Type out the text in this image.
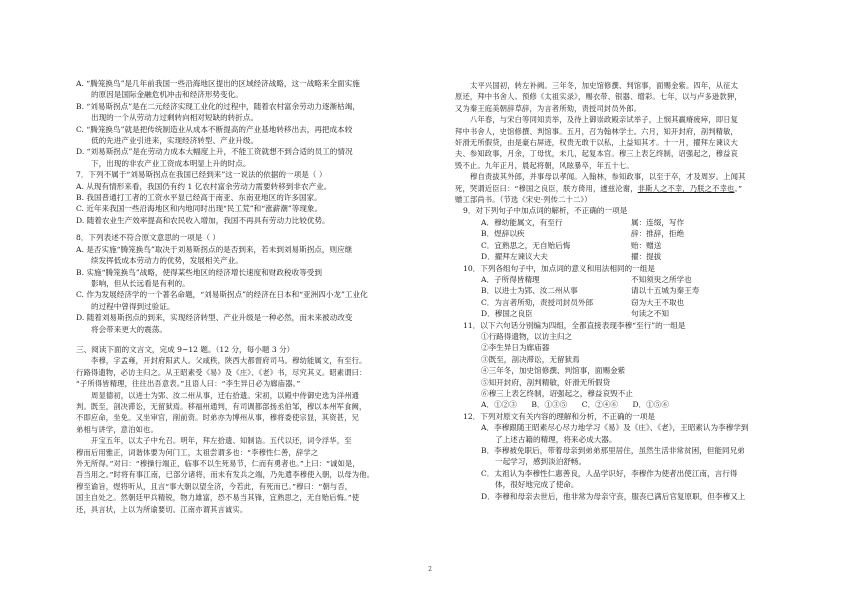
A. “腾笼换鸟”是几年前我国一些沿海地区提出的区域经济战略，这一战略来全面实施
的原因是国际金融危机冲击和经济形势变化。
B. “刘易斯拐点”是在二元经济实现工业化的过程中，随着农村富余劳动力逐渐枯竭，
出现的一个从劳动力过剩转向相对短缺的转折点。
C. “腾笼换鸟”就是把传统制造业从成本不断提高的产业基地转移出去，再把成本较
低的先进产业引进来，实现经济转型、产业升级。
D. “刘易斯拐点”是在劳动力成本大幅度上升，不能工资就想不到合适的员工的情况
下，出现的非农产业工资成本明显上升的时点。
7．下列不属于“刘易斯拐点在我国已经到来”这一说法的依据的一项是（ ）
A. 从现有情形来看，我国仍有约 1 亿农村富余劳动力需要转移到非农产业。
B. 我国普通打工者的工资水平显已经高于南亚、东南亚地区的许多国家。
C. 近年来我国一些沿海地区和内地同时出现“民工荒”和“涨薪潮”等现象。
D. 随着农业生产效率提高和农民收入增加，我国不再具有劳动力比较优势。
8．下列表述不符合原文意思的一项是（ ）
A. 是否实施“腾笼换鸟”取决于刘易斯拐点的是否到来，若未到刘易斯拐点，则应继
续发挥低成本劳动力的优势，发展相关产业。
B. 实施“腾笼换鸟”战略，使得某些地区的经济增长速度和财政税收等受到
影响，但从长远看是有利的。
C. 作为发展经济学的一个著名命题，“刘易斯拐点”的经济在日本和“亚洲四小龙”工业化
的过程中曾得到过验证。
D. 随着刘易斯拐点的到来，实现经济转型、产业升级是一种必然，而未来被动改变
将会带来更大的震荡。
三、阅读下面的文言文，完成 9~12 题。（12 分，每小题 3 分）
李穆，字孟雍，开封府阳武人。父咸秩，陕西大都督府司马。穆幼能属文，有至行。
行路得遗物，必访主归之。从王昭素受《易》及《庄》、《老》书，尽究其义。昭素谓曰：
“子所得皆精理，往往出吾意表。”且语人曰：“李生异日必为廊庙器。”
周显德初，以进士为郢、汝二州从事，迁右拾遗。宋初，以殿中侍御史选为洋州通
判。既至，剖决滞讼，无留狱焉。移福州通判，有司调都部扬丞伯邹，穆以本州军食阙，
不即应命，坐免。又坐审官，削前资。时弟亦为博州从事，穆将委使宗显，其资甚，兄
弟相与讲学，意泊如也。
开宝五年，以太子中允召。明年，拜左拾遗、知制诰。五代以还，词令浮华，至
穆而后用雅正，词谐体要为何门工，太祖尝谓多也：“李穆性仁善，辞学之
外无所得。”对曰：“穆操行端正，临事不以生死易节，仁而有勇者也。”上曰：“诚如是，
吾当用之。”时将有事江南，已部分诸将，而未有发兵之端，乃先遣李穆使入朝，以母为他。
穆至谕旨，煜将听从，且言“事大朝以望全济，今若此，有死而已。”穆曰：“朝与否，
国主自处之。然朝廷甲兵精锐，物力雄富，恐不易当其锋，宜熟思之，无自贻后悔。”使
还，具言状，上以为所谕要切。江南亦谓其言诚实。
太平兴国初，转左补阙。三年冬，加史馆修撰、判馆事，面赐金紫。四年，从征太
原还，拜中书舍人。预修《太祖实录》，赐衣带、银器、缯彩。七年，以与卢多逊款狎，
又为秦王庭美朝辞草辞，为言者所劾，责授司封员外郎。
八年春，与宋白等同知贡举，及待上御崇政殿亲试举子，上悯其羸瘠疲瘁，即日复
拜中书舍人，史馆修撰、判馆事。五月，召为翰林学士。六月，知开封府，剖判精敏，
奸滑无所假贷，由是豪右屏迹，权贵无敢干以私，上益知其才。十一月，擢拜左谏议大
夫、参知政事，月余，丁母忧，未几，起复本官。穆三上表乞终制，诏强起之，穆益哀
毁不止。九年正月，晨起将朝，风眩暴卒，年五十七。
穆自责拔其外郎，并事母以孝闻。入翰林，参知政事，以至于卒，才及周岁。上闻其
死，哭谓近臣曰：“穆国之良臣，朕方倚用，遽兹沦谢，非斯人之不幸，乃朕之不幸也。”
赠工部尚书。（节选《宋史·列传二十二》）
9．对下列句子中加点词的解析，不正确的一项是
A．穆幼能属文，有至行	属：连缀，写作
B．煜辞以疾	辞：推辞，拒绝
C．宜熟思之，无自贻后悔	贻：赠送
D．擢拜左谏议大夫	擢：提拔
10．下列各组句子中，加点词的意义和用法相同的一组是
A．子所得皆精理	不知须臾之所学也
B．以进士为郢、汝二州从事	请以十五城为秦王寿
C．为言者所劾，责授司封员外郎	窃为大王不取也
D．穆国之良臣	句读之不知
11．以下六句话分别编为四组，全都直接表现李穆“至行”的一组是
①行路得遗物，以访主归之
②李生异日为廊庙器
③既至，剖决滞讼，无留狱焉
④三年冬，加史馆修撰、判馆事，面赐金紫
⑤知开封府，剖判精敏，奸滑无所假贷
⑥穆三上表乞终制，诏强起之，穆益哀毁不止
A．①②③      B．①③⑤      C．②④⑥      D．①⑤⑥
12．下列对原文有关内容的理解和分析，不正确的一项是
A．李穆跟随王昭素尽心尽力地学习《易》及《庄》、《老》，王昭素认为李穆学到
了上述古籍的精理，将来必成大器。
B．李穆被免职后，带着母亲到弟弟那里居住，虽然生活非常贫困，但能同兄弟
一起学习，感到淡泊舒畅。
C．太祖认为李穆性仁惠善良，人品学识好，李穆作为使者出使江南，言行得
体，很好地完成了使命。
D．李穆和母亲去世后，他非常为母亲守丧，服丧已满后官复原职，但李穆又上
2
